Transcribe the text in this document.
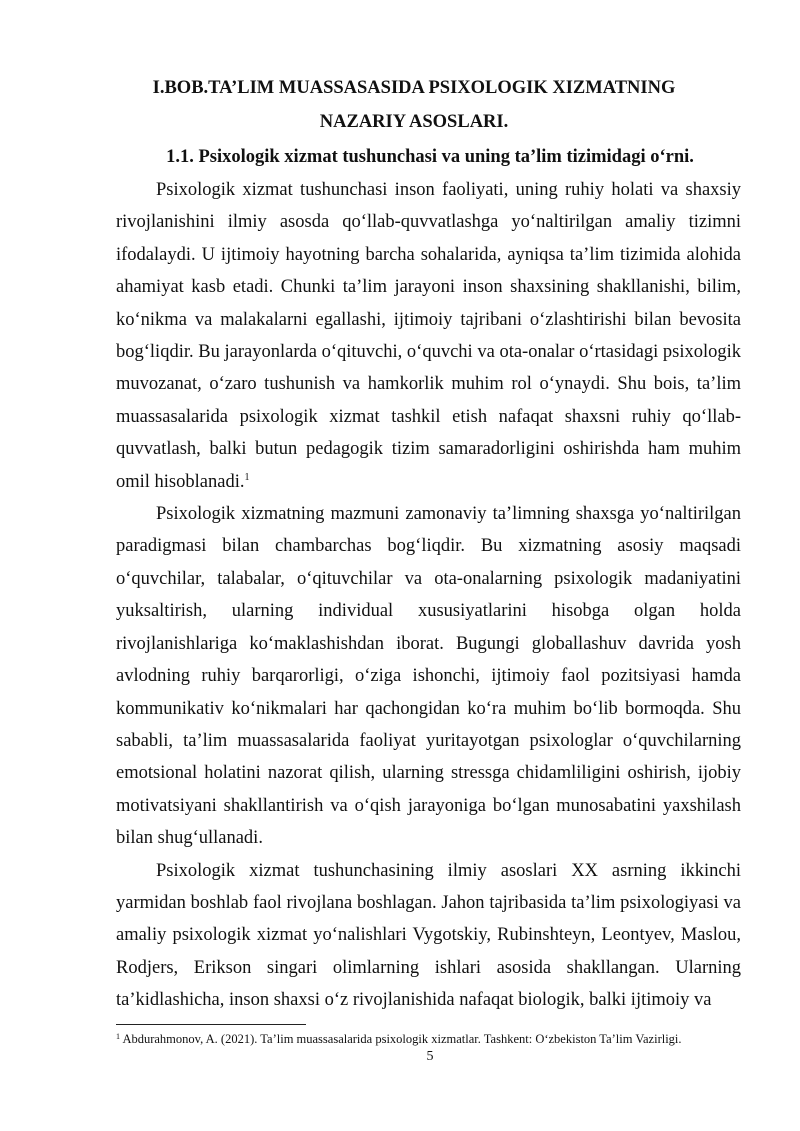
I.BOB.TA’LIM MUASSASASIDA PSIXOLOGIK XIZMATNING
NAZARIY ASOSLARI.
1.1. Psixologik xizmat tushunchasi va uning ta’lim tizimidagi o‘rni.

Psixologik xizmat tushunchasi inson faoliyati, uning ruhiy holati va shaxsiy rivojlanishini ilmiy asosda qo‘llab-quvvatlashga yo‘naltirilgan amaliy tizimni ifodalaydi. U ijtimoiy hayotning barcha sohalarida, ayniqsa ta’lim tizimida alohida ahamiyat kasb etadi. Chunki ta’lim jarayoni inson shaxsining shakllanishi, bilim, ko‘nikma va malakalarni egallashi, ijtimoiy tajribani o‘zlashtirishi bilan bevosita bog‘liqdir. Bu jarayonlarda o‘qituvchi, o‘quvchi va ota-onalar o‘rtasidagi psixologik muvozanat, o‘zaro tushunish va hamkorlik muhim rol o‘ynaydi. Shu bois, ta’lim muassasalarida psixologik xizmat tashkil etish nafaqat shaxsni ruhiy qo‘llab-quvvatlash, balki butun pedagogik tizim samaradorligini oshirishda ham muhim omil hisoblanadi.$^1$

Psixologik xizmatning mazmuni zamonaviy ta’limning shaxsga yo‘naltirilgan paradigmasi bilan chambarchas bog‘liqdir. Bu xizmatning asosiy maqsadi o‘quvchilar, talabalar, o‘qituvchilar va ota-onalarning psixologik madaniyatini yuksaltirish, ularning individual xususiyatlarini hisobga olgan holda rivojlanishlariga ko‘maklashishdan iborat. Bugungi globallashuv davrida yosh avlodning ruhiy barqarorligi, o‘ziga ishonchi, ijtimoiy faol pozitsiyasi hamda kommunikativ ko‘nikmalari har qachongidan ko‘ra muhim bo‘lib bormoqda. Shu sababli, ta’lim muassasalarida faoliyat yuritayotgan psixologlar o‘quvchilarning emotsional holatini nazorat qilish, ularning stressga chidamliligini oshirish, ijobiy motivatsiyani shakllantirish va o‘qish jarayoniga bo‘lgan munosabatini yaxshilash bilan shug‘ullanadi.

Psixologik xizmat tushunchasining ilmiy asoslari XX asrning ikkinchi yarmidan boshlab faol rivojlana boshlagan. Jahon tajribasida ta’lim psixologiyasi va amaliy psixologik xizmat yo‘nalishlari Vygotskiy, Rubinshteyn, Leontyev, Maslou, Rodjers, Erikson singari olimlarning ishlari asosida shakllangan. Ularning ta’kidlashicha, inson shaxsi o‘z rivojlanishida nafaqat biologik, balki ijtimoiy va

$^1$ Abdurahmonov, A. (2021). Ta’lim muassasalarida psixologik xizmatlar. Tashkent: O‘zbekiston Ta’lim Vazirligi.

5
